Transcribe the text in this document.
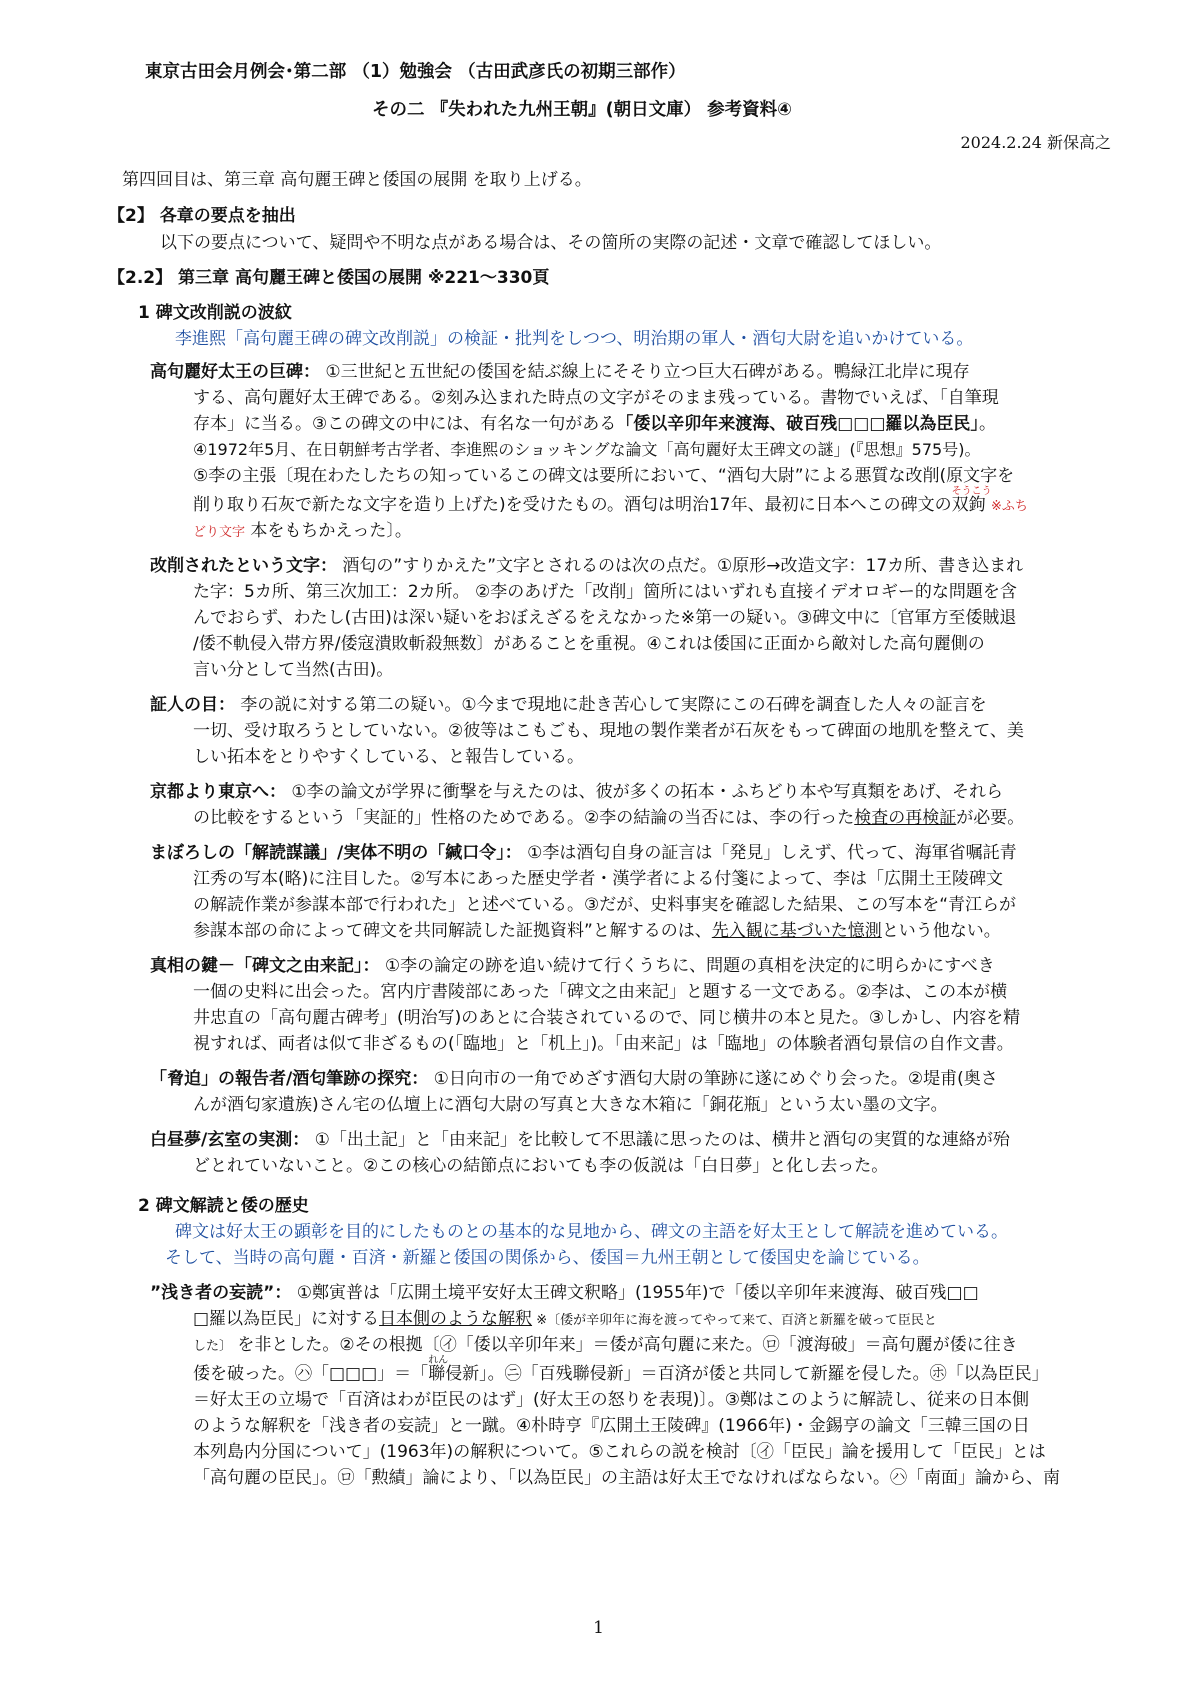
東京古田会月例会･第二部 （1）勉強会 （古田武彦氏の初期三部作）
その二 『失われた九州王朝』(朝日文庫） 参考資料④
2024.2.24 新保高之
第四回目は、第三章 高句麗王碑と倭国の展開 を取り上げる。
【2】 各章の要点を抽出
以下の要点について、疑問や不明な点がある場合は、その箇所の実際の記述・文章で確認してほしい。
【2.2】 第三章 高句麗王碑と倭国の展開 ※221～330頁
1 碑文改削説の波紋
李進熙「高句麗王碑の碑文改削説」の検証・批判をしつつ、明治期の軍人・酒匂大尉を追いかけている。
高句麗好太王の巨碑： ①三世紀と五世紀の倭国を結ぶ線上にそそり立つ巨大石碑がある。鴨緑江北岸に現存
する、高句麗好太王碑である。②刻み込まれた時点の文字がそのまま残っている。書物でいえば、「自筆現
存本」に当る。③この碑文の中には、有名な一句がある「倭以辛卯年来渡海、破百残□□□羅以為臣民」。
④1972年5月、在日朝鮮考古学者、李進熙のショッキングな論文「高句麗好太王碑文の謎」(『思想』575号)。
⑤李の主張〔現在わたしたちの知っているこの碑文は要所において、“酒匂大尉”による悪質な改削(原文字を
削り取り石灰で新たな文字を造り上げた)を受けたもの。酒匂は明治17年、最初に日本へこの碑文の双鉤
そうこう
※ふち
どり文字 本をもちかえった〕。
改削されたという文字： 酒匂の”すりかえた”文字とされるのは次の点だ。①原形→改造文字：17カ所、書き込まれ
た字：5カ所、第三次加工：2カ所。 ②李のあげた「改削」箇所にはいずれも直接イデオロギー的な問題を含
んでおらず、わたし(古田)は深い疑いをおぼえざるをえなかった※第一の疑い。③碑文中に〔官軍方至倭賊退
/倭不軌侵入帯方界/倭寇潰敗斬殺無数〕があることを重視。④これは倭国に正面から敵対した高句麗側の
言い分として当然(古田)。
証人の目： 李の説に対する第二の疑い。①今まで現地に赴き苦心して実際にこの石碑を調査した人々の証言を
一切、受け取ろうとしていない。②彼等はこもごも、現地の製作業者が石灰をもって碑面の地肌を整えて、美
しい拓本をとりやすくしている、と報告している。
京都より東京へ： ①李の論文が学界に衝撃を与えたのは、彼が多くの拓本・ふちどり本や写真類をあげ、それら
の比較をするという「実証的」性格のためである。②李の結論の当否には、李の行った検査の再検証が必要。
まぼろしの「解読謀議」/実体不明の「緘口令」： ①李は酒匂自身の証言は「発見」しえず、代って、海軍省嘱託青
江秀の写本(略)に注目した。②写本にあった歴史学者・漢学者による付箋によって、李は「広開土王陵碑文
の解読作業が参謀本部で行われた」と述べている。③だが、史料事実を確認した結果、この写本を“青江らが
参謀本部の命によって碑文を共同解読した証拠資料”と解するのは、先入観に基づいた憶測という他ない。
真相の鍵－「碑文之由来記」： ①李の論定の跡を追い続けて行くうちに、問題の真相を決定的に明らかにすべき
一個の史料に出会った。宮内庁書陵部にあった「碑文之由来記」と題する一文である。②李は、この本が横
井忠直の「高句麗古碑考」(明治写)のあとに合装されているので、同じ横井の本と見た。③しかし、内容を精
視すれば、両者は似て非ざるもの(「臨地」と「机上」)。「由来記」は「臨地」の体験者酒匂景信の自作文書。
「脅迫」の報告者/酒匂筆跡の探究： ①日向市の一角でめざす酒匂大尉の筆跡に遂にめぐり会った。②堤甫(奥さ
んが酒匂家遺族)さん宅の仏壇上に酒匂大尉の写真と大きな木箱に「銅花瓶」という太い墨の文字。
白昼夢/玄室の実測： ①「出土記」と「由来記」を比較して不思議に思ったのは、横井と酒匂の実質的な連絡が殆
どとれていないこと。②この核心の結節点においても李の仮説は「白日夢」と化し去った。
2 碑文解読と倭の歴史
碑文は好太王の顕彰を目的にしたものとの基本的な見地から、碑文の主語を好太王として解読を進めている。
そして、当時の高句麗・百済・新羅と倭国の関係から、倭国＝九州王朝として倭国史を論じている。
”浅き者の妄読”： ①鄭寅普は「広開土境平安好太王碑文釈略」(1955年)で「倭以辛卯年来渡海、破百残□□
□羅以為臣民」に対する日本側のような解釈 ※〔倭が辛卯年に海を渡ってやって来て、百済と新羅を破って臣民と
した〕 を非とした。②その根拠〔㋑「倭以辛卯年来」＝倭が高句麗に来た。㋺「渡海破」＝高句麗が倭に往き
倭を破った。㋩「□□□」＝「聯
れん
侵新」。㋥「百残聯侵新」＝百済が倭と共同して新羅を侵した。㋭「以為臣民」
＝好太王の立場で「百済はわが臣民のはず」(好太王の怒りを表現)〕。③鄭はこのように解読し、従来の日本側
のような解釈を「浅き者の妄読」と一蹴。④朴時亨『広開土王陵碑』(1966年)・金錫亨の論文「三韓三国の日
本列島内分国について」(1963年)の解釈について。⑤これらの説を検討〔㋑「臣民」論を援用して「臣民」とは
「高句麗の臣民」。㋺「勲績」論により、「以為臣民」の主語は好太王でなければならない。㋩「南面」論から、南
1
